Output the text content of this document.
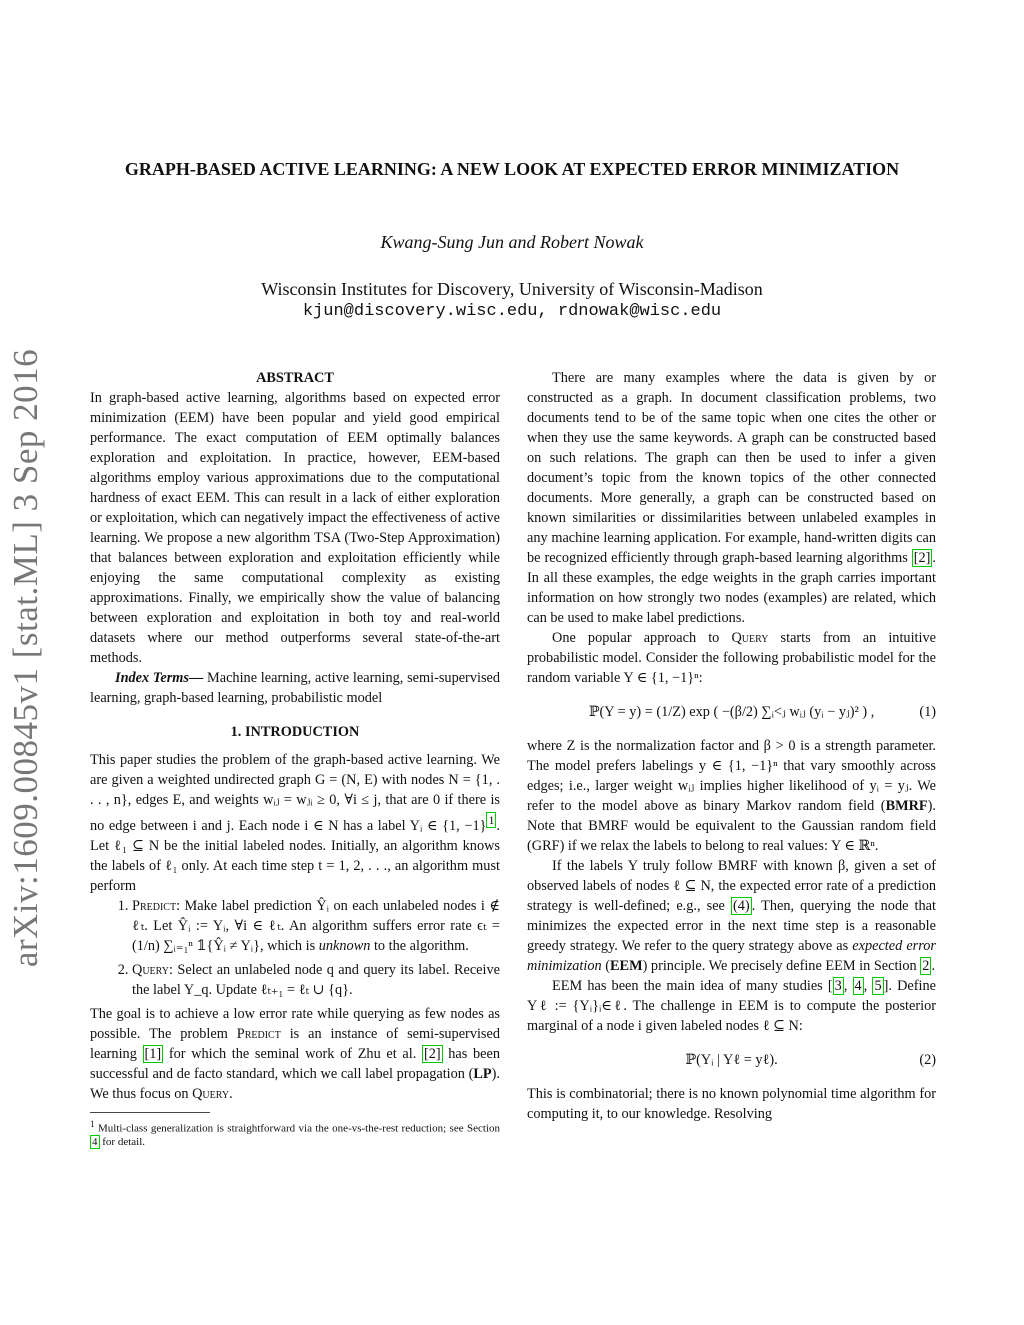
arXiv:1609.00845v1 [stat.ML] 3 Sep 2016
GRAPH-BASED ACTIVE LEARNING: A NEW LOOK AT EXPECTED ERROR MINIMIZATION
Kwang-Sung Jun and Robert Nowak
Wisconsin Institutes for Discovery, University of Wisconsin-Madison
kjun@discovery.wisc.edu, rdnowak@wisc.edu
ABSTRACT

In graph-based active learning, algorithms based on expected error minimization (EEM) have been popular and yield good empirical performance. The exact computation of EEM optimally balances exploration and exploitation. In practice, however, EEM-based algorithms employ various approximations due to the computational hardness of exact EEM. This can result in a lack of either exploration or exploitation, which can negatively impact the effectiveness of active learning. We propose a new algorithm TSA (Two-Step Approximation) that balances between exploration and exploitation efficiently while enjoying the same computational complexity as existing approximations. Finally, we empirically show the value of balancing between exploration and exploitation in both toy and real-world datasets where our method outperforms several state-of-the-art methods.

Index Terms— Machine learning, active learning, semi-supervised learning, graph-based learning, probabilistic model

1. INTRODUCTION

This paper studies the problem of the graph-based active learning. We are given a weighted undirected graph G = (N, E) with nodes N = {1, . . . , n}, edges E, and weights wᵢⱼ = wⱼᵢ ≥ 0, ∀i ≤ j, that are 0 if there is no edge between i and j. Each node i ∈ N has a label Yᵢ ∈ {1, −1} $^1$ . Let ℓ₁ ⊆ N be the initial labeled nodes. Initially, an algorithm knows the labels of ℓ₁ only. At each time step t = 1, 2, . . ., an algorithm must perform

1. Predict: Make label prediction Ŷᵢ on each unlabeled nodes i ∉ ℓₜ. Let Ŷᵢ := Yᵢ, ∀i ∈ ℓₜ. An algorithm suffers error rate ϵₜ = (1/n) ∑ᵢ₌₁ⁿ 𝟙{Ŷᵢ ≠ Yᵢ}, which is unknown to the algorithm.
2. Query: Select an unlabeled node q and query its label. Receive the label Y_q. Update ℓₜ₊₁ = ℓₜ ∪ {q}.

The goal is to achieve a low error rate while querying as few nodes as possible. The problem Predict is an instance of semi-supervised learning [1] for which the seminal work of Zhu et al. [2] has been successful and de facto standard, which we call label propagation (LP). We thus focus on Query.

$^1$ Multi-class generalization is straightforward via the one-vs-the-rest reduction; see Section 4 for detail.

There are many examples where the data is given by or constructed as a graph. In document classification problems, two documents tend to be of the same topic when one cites the other or when they use the same keywords. A graph can be constructed based on such relations. The graph can then be used to infer a given document’s topic from the known topics of the other connected documents. More generally, a graph can be constructed based on known similarities or dissimilarities between unlabeled examples in any machine learning application. For example, hand-written digits can be recognized efficiently through graph-based learning algorithms [2] . In all these examples, the edge weights in the graph carries important information on how strongly two nodes (examples) are related, which can be used to make label predictions.

One popular approach to Query starts from an intuitive probabilistic model. Consider the following probabilistic model for the random variable Y ∈ {1, −1}ⁿ:

ℙ(Y = y) = (1/Z) exp ( −(β/2) ∑ᵢ<ⱼ wᵢⱼ (yᵢ − yⱼ)² ) ,	(1)

where Z is the normalization factor and β > 0 is a strength parameter. The model prefers labelings y ∈ {1, −1}ⁿ that vary smoothly across edges; i.e., larger weight wᵢⱼ implies higher likelihood of yᵢ = yⱼ. We refer to the model above as binary Markov random field (BMRF). Note that BMRF would be equivalent to the Gaussian random field (GRF) if we relax the labels to belong to real values: Y ∈ ℝⁿ.

If the labels Y truly follow BMRF with known β, given a set of observed labels of nodes ℓ ⊆ N, the expected error rate of a prediction strategy is well-defined; e.g., see (4) . Then, querying the node that minimizes the expected error in the next time step is a reasonable greedy strategy. We refer to the query strategy above as expected error minimization (EEM) principle. We precisely define EEM in Section 2 .

EEM has been the main idea of many studies [ 3 , 4 , 5 ]. Define Yℓ := {Yᵢ}ᵢ∈ℓ. The challenge in EEM is to compute the posterior marginal of a node i given labeled nodes ℓ ⊆ N:

ℙ(Yᵢ | Yℓ = yℓ).	(2)

This is combinatorial; there is no known polynomial time algorithm for computing it, to our knowledge. Resolving
